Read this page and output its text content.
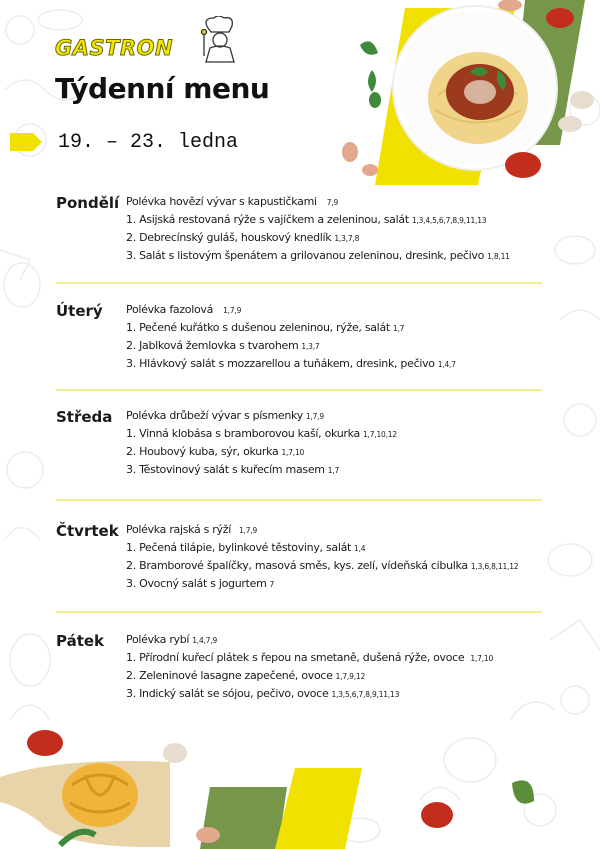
GASTRON
Týdenní menu
19. – 23. ledna
Pondělí Polévka hovězí vývar s kapustičkami 7,9
1. Asijská restovaná rýže s vajíčkem a zeleninou, salát 1,3,4,5,6,7,8,9,11,13
2. Debrecínský guláš, houskový knedlík 1,3,7,8
3. Salát s listovým špenátem a grilovanou zeleninou, dresink, pečivo 1,8,11
Úterý Polévka fazolová 1,7,9
1. Pečené kuřátko s dušenou zeleninou, rýže, salát 1,7
2. Jablková žemlovka s tvarohem 1,3,7
3. Hlávkový salát s mozzarellou a tuňákem, dresink, pečivo 1,4,7
Středa Polévka drůbeží vývar s písmenky 1,7,9
1. Vinná klobása s bramborovou kaší, okurka 1,7,10,12
2. Houbový kuba, sýr, okurka 1,7,10
3. Těstovinový salát s kuřecím masem 1,7
Čtvrtek Polévka rajská s rýží 1,7,9
1. Pečená tilápie, bylinkové těstoviny, salát 1,4
2. Bramborové špalíčky, masová směs, kys. zelí, vídeňská cibulka 1,3,6,8,11,12
3. Ovocný salát s jogurtem 7
Pátek Polévka rybí 1,4,7,9
1. Přírodní kuřecí plátek s řepou na smetaně, dušená rýže, ovoce 1,7,10
2. Zeleninové lasagne zapečené, ovoce 1,7,9,12
3. Indický salát se sójou, pečivo, ovoce 1,3,5,6,7,8,9,11,13
